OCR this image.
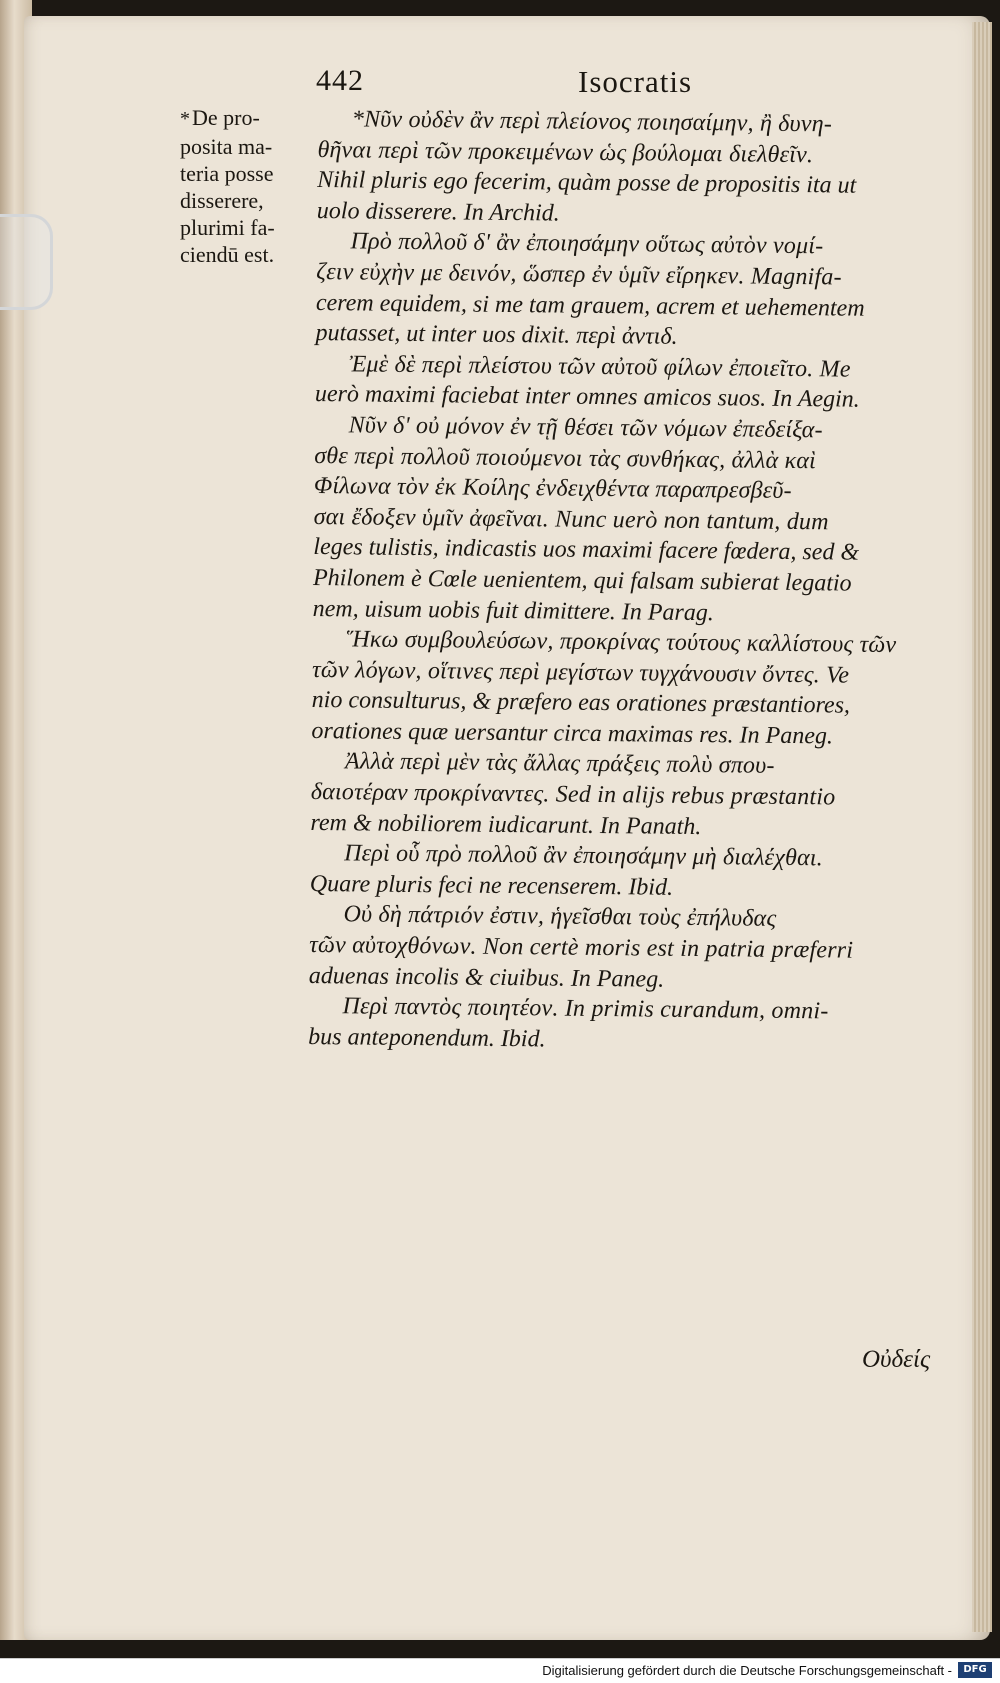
442	Isocratis
*De pro-
posita ma-
teria posse
disserere,
plurimi fa-
ciendū est.
*Νῦν οὐδὲν ἂν περὶ πλείονος ποιησαίμην, ἢ δυνη-
θῆναι περὶ τῶν προκειμένων ὡς βούλομαι διελθεῖν.
Nihil pluris ego fecerim, quàm posse de propositis ita ut
uolo disserere. In Archid.
Πρὸ πολλοῦ δ' ἂν ἐποιησάμην οὕτως αὐτὸν νομί-
ζειν εὐχὴν με δεινόν, ὥσπερ ἐν ὑμῖν εἴρηκεν. Magnifa-
cerem equidem, si me tam grauem, acrem et uehementem
putasset, ut inter uos dixit. περὶ ἀντιδ.
Ἐμὲ δὲ περὶ πλείστου τῶν αὐτοῦ φίλων ἐποιεῖτο. Me
uerò maximi faciebat inter omnes amicos suos. In Aegin.
Νῦν δ' οὐ μόνον ἐν τῇ θέσει τῶν νόμων ἐπεδείξα-
σθε περὶ πολλοῦ ποιούμενοι τὰς συνθήκας, ἀλλὰ καὶ
Φίλωνα τὸν ἐκ Κοίλης ἐνδειχθέντα παραπρεσβεῦ-
σαι ἔδοξεν ὑμῖν ἀφεῖναι. Nunc uerò non tantum, dum
leges tulistis, indicastis uos maximi facere fœdera, sed &
Philonem è Cœle uenientem, qui falsam subierat legatio
nem, uisum uobis fuit dimittere. In Parag.
Ἥκω συμβουλεύσων, προκρίνας τούτους καλλίστους τῶν
τῶν λόγων, οἵτινες περὶ μεγίστων τυγχάνουσιν ὄντες. Ve
nio consulturus, & præfero eas orationes præstantiores,
orationes quæ uersantur circa maximas res. In Paneg.
Ἀλλὰ περὶ μὲν τὰς ἄλλας πράξεις πολὺ σπου-
δαιοτέραν προκρίναντες. Sed in alijs rebus præstantio
rem & nobiliorem iudicarunt. In Panath.
Περὶ οὗ πρὸ πολλοῦ ἂν ἐποιησάμην μὴ διαλέχθαι.
Quare pluris feci ne recenserem. Ibid.
Οὐ δὴ πάτριόν ἐστιν, ἡγεῖσθαι τοὺς ἐπήλυδας
τῶν αὐτοχθόνων. Non certè moris est in patria præferri
aduenas incolis & ciuibus. In Paneg.
Περὶ παντὸς ποιητέον. In primis curandum, omni-
bus anteponendum. Ibid.
Οὐδείς
Digitalisierung gefördert durch die Deutsche Forschungsgemeinschaft -	DFG
